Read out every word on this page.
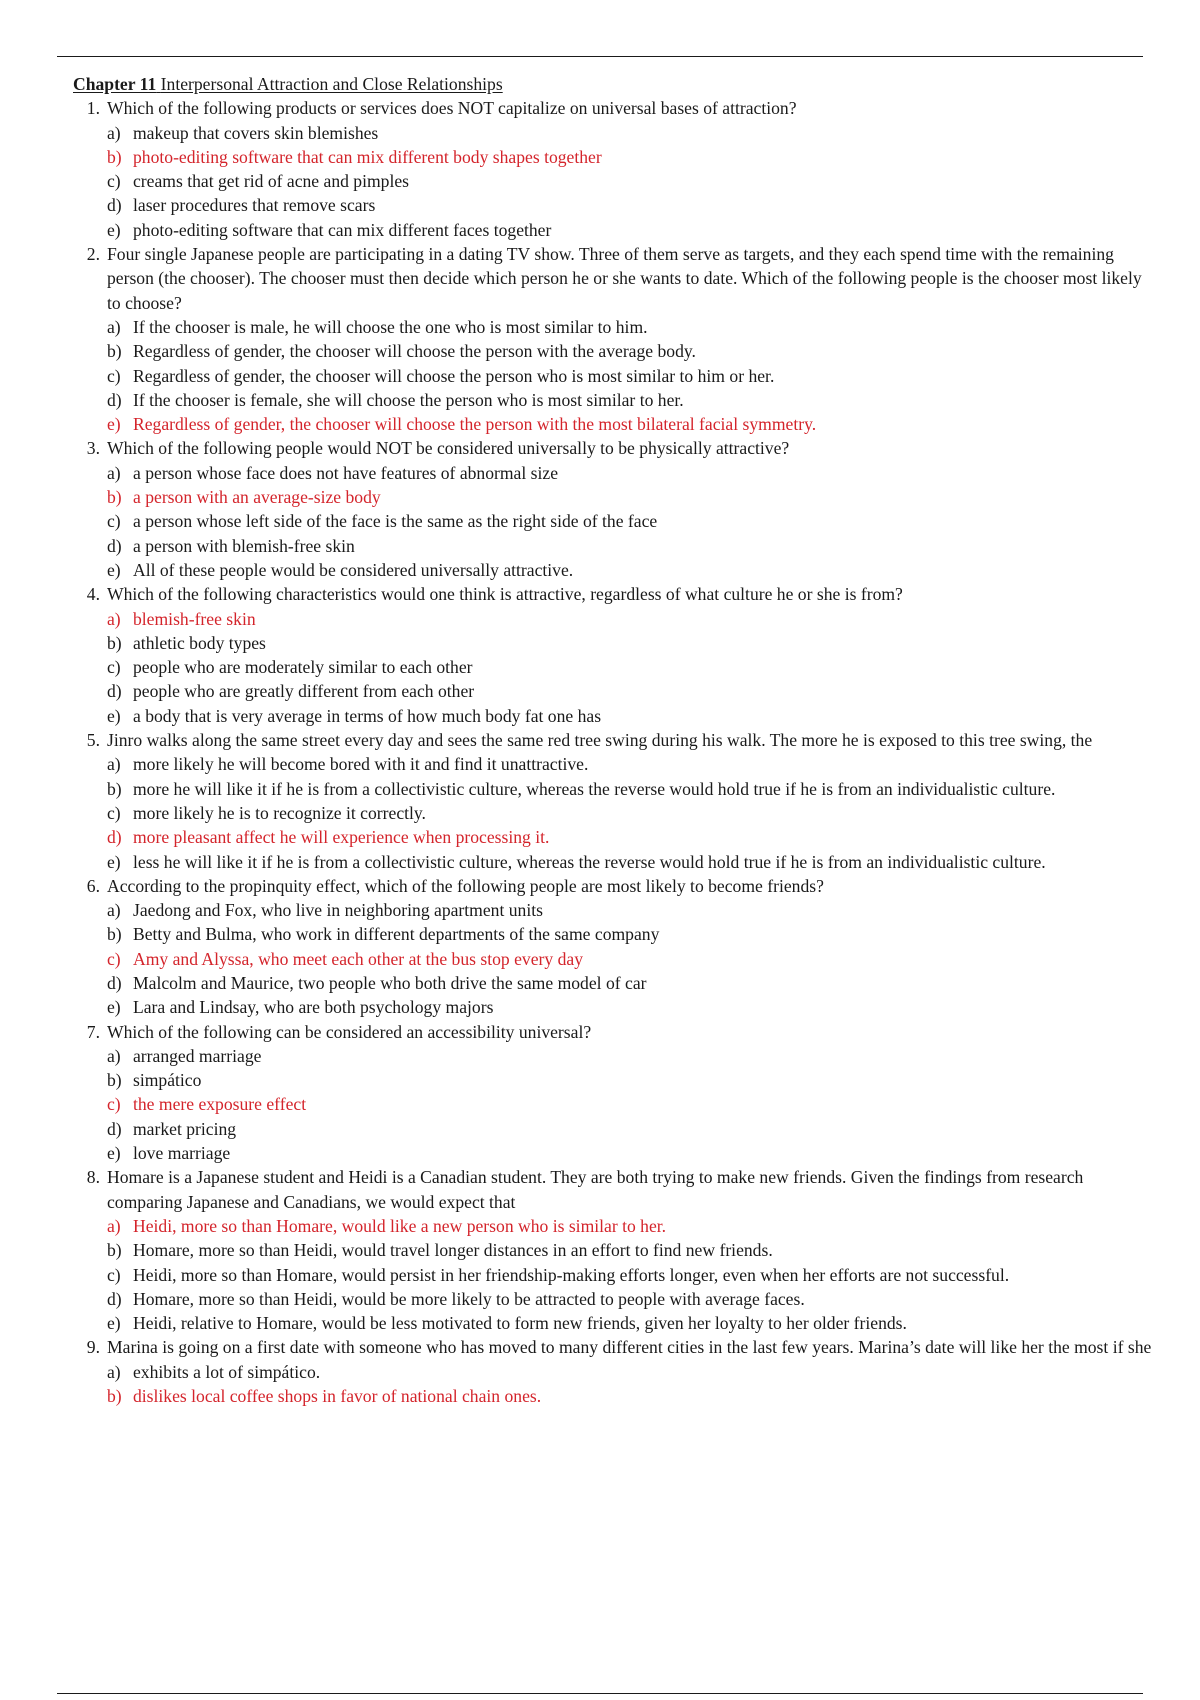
Chapter 11 Interpersonal Attraction and Close Relationships
1. Which of the following products or services does NOT capitalize on universal bases of attraction?
a) makeup that covers skin blemishes
b) photo-editing software that can mix different body shapes together
c) creams that get rid of acne and pimples
d) laser procedures that remove scars
e) photo-editing software that can mix different faces together
2. Four single Japanese people are participating in a dating TV show. Three of them serve as targets, and they each spend time with the remaining person (the chooser). The chooser must then decide which person he or she wants to date. Which of the following people is the chooser most likely to choose?
a) If the chooser is male, he will choose the one who is most similar to him.
b) Regardless of gender, the chooser will choose the person with the average body.
c) Regardless of gender, the chooser will choose the person who is most similar to him or her.
d) If the chooser is female, she will choose the person who is most similar to her.
e) Regardless of gender, the chooser will choose the person with the most bilateral facial symmetry.
3. Which of the following people would NOT be considered universally to be physically attractive?
a) a person whose face does not have features of abnormal size
b) a person with an average-size body
c) a person whose left side of the face is the same as the right side of the face
d) a person with blemish-free skin
e) All of these people would be considered universally attractive.
4. Which of the following characteristics would one think is attractive, regardless of what culture he or she is from?
a) blemish-free skin
b) athletic body types
c) people who are moderately similar to each other
d) people who are greatly different from each other
e) a body that is very average in terms of how much body fat one has
5. Jinro walks along the same street every day and sees the same red tree swing during his walk. The more he is exposed to this tree swing, the
a) more likely he will become bored with it and find it unattractive.
b) more he will like it if he is from a collectivistic culture, whereas the reverse would hold true if he is from an individualistic culture.
c) more likely he is to recognize it correctly.
d) more pleasant affect he will experience when processing it.
e) less he will like it if he is from a collectivistic culture, whereas the reverse would hold true if he is from an individualistic culture.
6. According to the propinquity effect, which of the following people are most likely to become friends?
a) Jaedong and Fox, who live in neighboring apartment units
b) Betty and Bulma, who work in different departments of the same company
c) Amy and Alyssa, who meet each other at the bus stop every day
d) Malcolm and Maurice, two people who both drive the same model of car
e) Lara and Lindsay, who are both psychology majors
7. Which of the following can be considered an accessibility universal?
a) arranged marriage
b) simpático
c) the mere exposure effect
d) market pricing
e) love marriage
8. Homare is a Japanese student and Heidi is a Canadian student. They are both trying to make new friends. Given the findings from research comparing Japanese and Canadians, we would expect that
a) Heidi, more so than Homare, would like a new person who is similar to her.
b) Homare, more so than Heidi, would travel longer distances in an effort to find new friends.
c) Heidi, more so than Homare, would persist in her friendship-making efforts longer, even when her efforts are not successful.
d) Homare, more so than Heidi, would be more likely to be attracted to people with average faces.
e) Heidi, relative to Homare, would be less motivated to form new friends, given her loyalty to her older friends.
9. Marina is going on a first date with someone who has moved to many different cities in the last few years. Marina’s date will like her the most if she
a) exhibits a lot of simpático.
b) dislikes local coffee shops in favor of national chain ones.
